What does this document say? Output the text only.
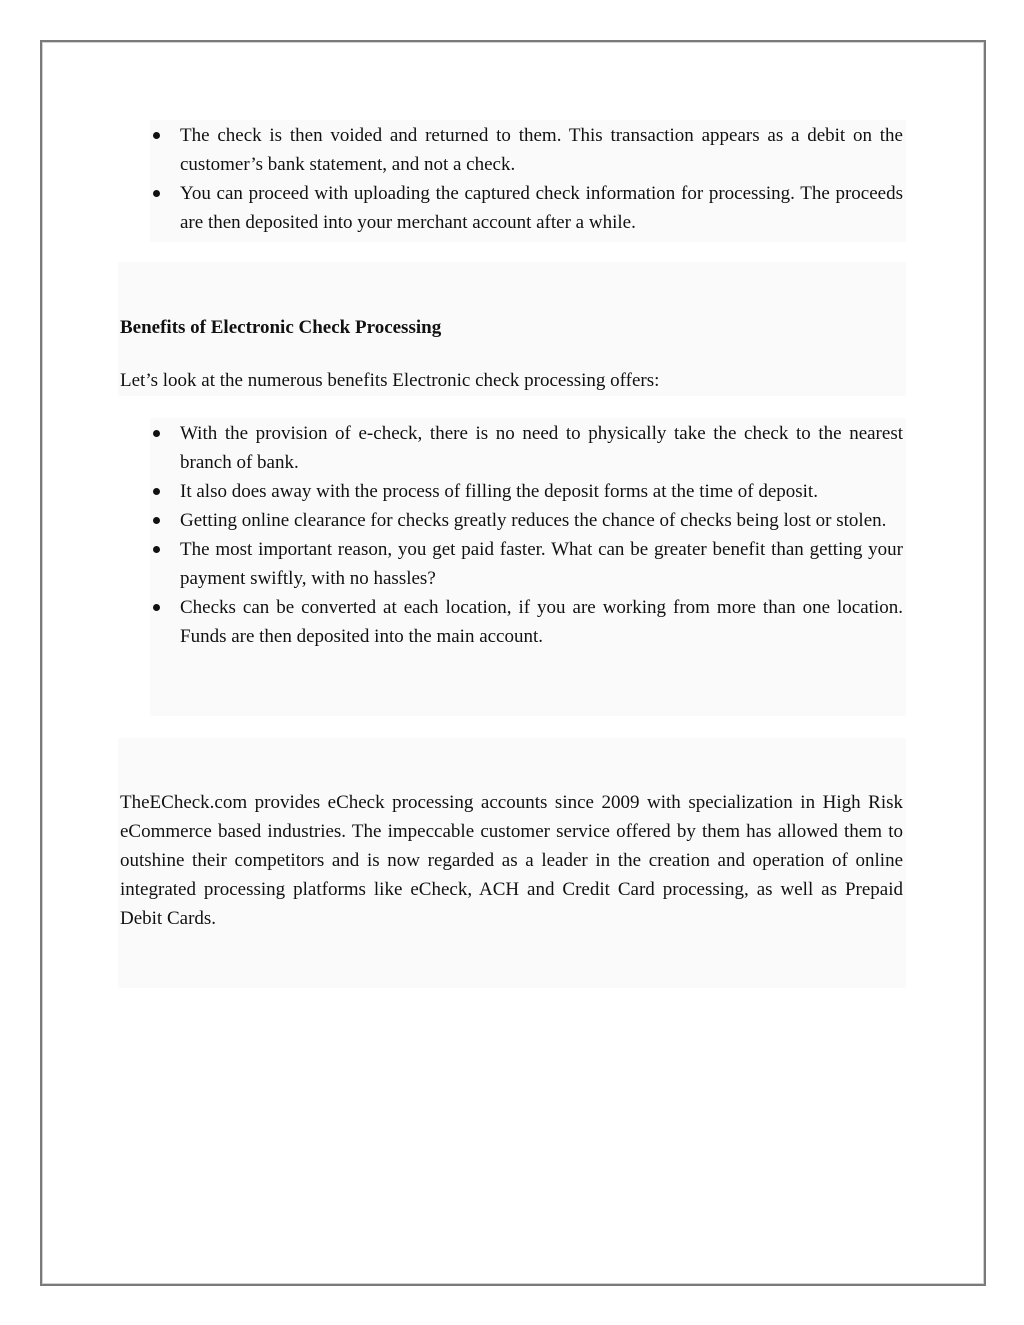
The check is then voided and returned to them. This transaction appears as a debit on the customer’s bank statement, and not a check.
You can proceed with uploading the captured check information for processing. The proceeds are then deposited into your merchant account after a while.
Benefits of Electronic Check Processing
Let’s look at the numerous benefits Electronic check processing offers:
With the provision of e-check, there is no need to physically take the check to the nearest branch of bank.
It also does away with the process of filling the deposit forms at the time of deposit.
Getting online clearance for checks greatly reduces the chance of checks being lost or stolen.
The most important reason, you get paid faster. What can be greater benefit than getting your payment swiftly, with no hassles?
Checks can be converted at each location, if you are working from more than one location. Funds are then deposited into the main account.
TheECheck.com provides eCheck processing accounts since 2009 with specialization in High Risk eCommerce based industries. The impeccable customer service offered by them has allowed them to outshine their competitors and is now regarded as a leader in the creation and operation of online integrated processing platforms like eCheck, ACH and Credit Card processing, as well as Prepaid Debit Cards.
